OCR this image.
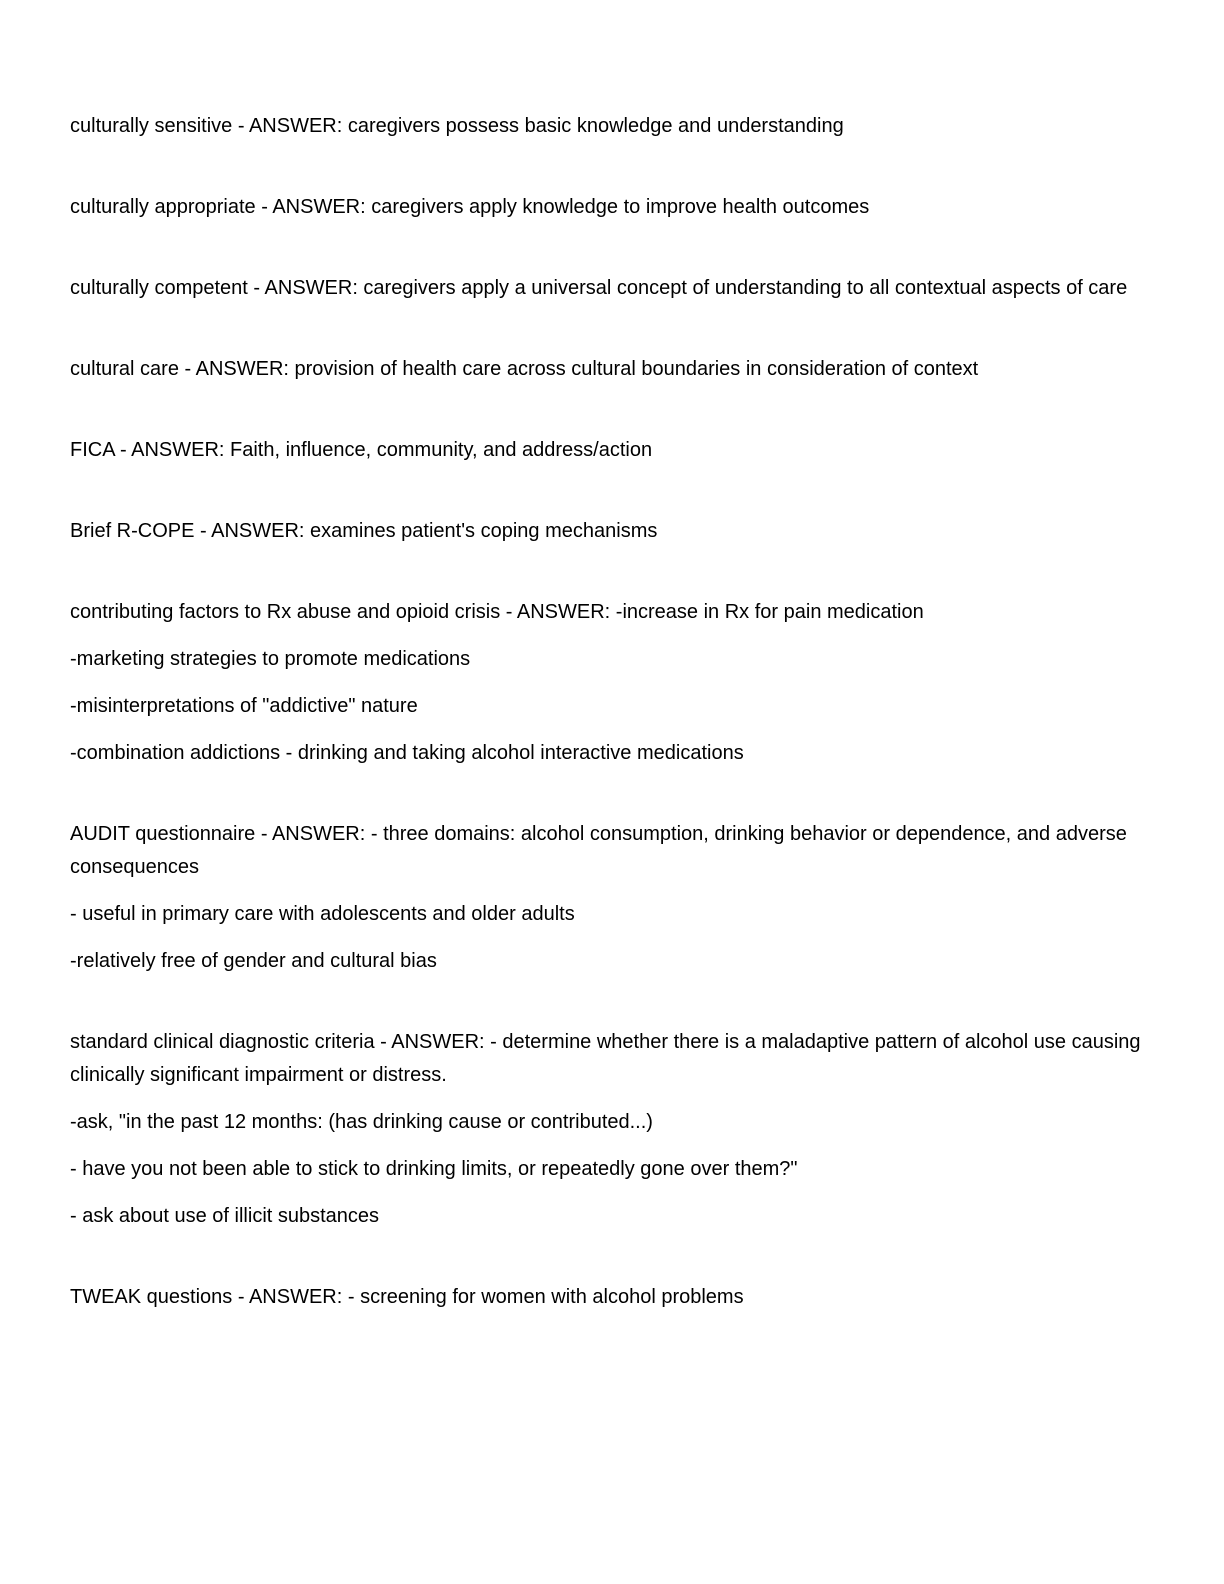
culturally sensitive - ANSWER: caregivers possess basic knowledge and understanding

culturally appropriate - ANSWER: caregivers apply knowledge to improve health outcomes

culturally competent - ANSWER: caregivers apply a universal concept of understanding to all contextual aspects of care

cultural care - ANSWER: provision of health care across cultural boundaries in consideration of context

FICA - ANSWER: Faith, influence, community, and address/action

Brief R-COPE - ANSWER: examines patient's coping mechanisms

contributing factors to Rx abuse and opioid crisis - ANSWER: -increase in Rx for pain medication

-marketing strategies to promote medications

-misinterpretations of "addictive" nature

-combination addictions - drinking and taking alcohol interactive medications

AUDIT questionnaire - ANSWER: - three domains: alcohol consumption, drinking behavior or dependence, and adverse consequences

- useful in primary care with adolescents and older adults

-relatively free of gender and cultural bias

standard clinical diagnostic criteria - ANSWER: - determine whether there is a maladaptive pattern of alcohol use causing clinically significant impairment or distress.

-ask, "in the past 12 months: (has drinking cause or contributed...)

- have you not been able to stick to drinking limits, or repeatedly gone over them?"

- ask about use of illicit substances

TWEAK questions - ANSWER: - screening for women with alcohol problems
